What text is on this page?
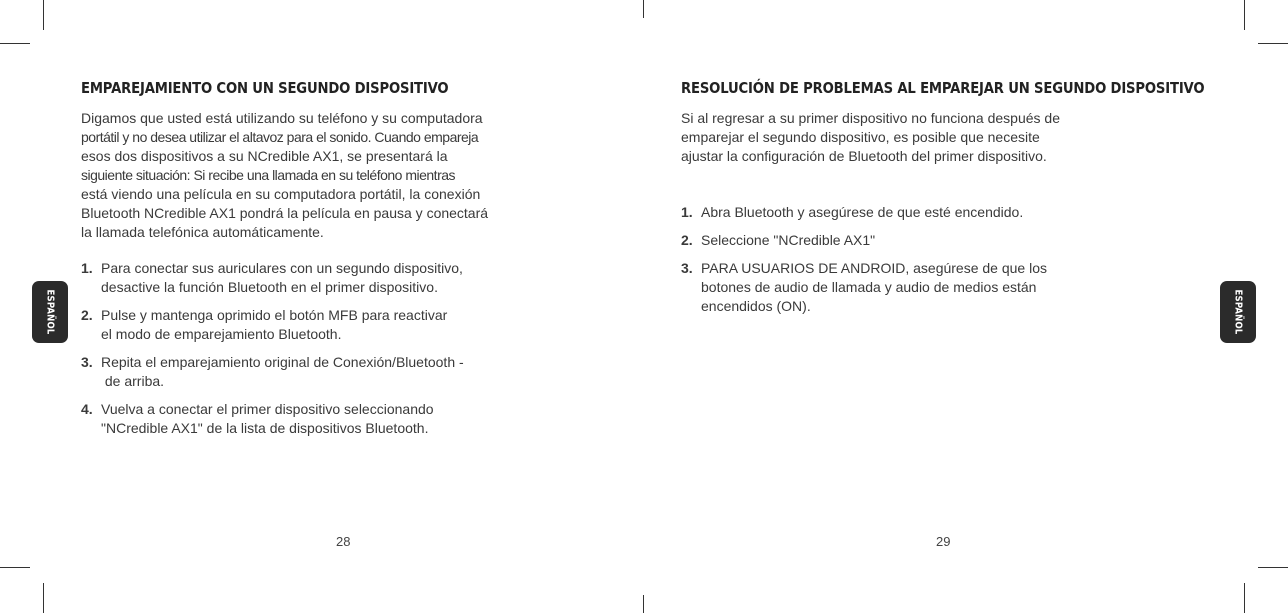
ESPAÑOL	ESPAÑOL
EMPAREJAMIENTO CON UN SEGUNDO DISPOSITIVO
Digamos que usted está utilizando su teléfono y su computadora
portátil y no desea utilizar el altavoz para el sonido. Cuando empareja
esos dos dispositivos a su NCredible AX1, se presentará la
siguiente situación: Si recibe una llamada en su teléfono mientras
está viendo una película en su computadora portátil, la conexión
Bluetooth NCredible AX1 pondrá la película en pausa y conectará
la llamada telefónica automáticamente.
1. Para conectar sus auriculares con un segundo dispositivo,
desactive la función Bluetooth en el primer dispositivo.
2. Pulse y mantenga oprimido el botón MFB para reactivar
el modo de emparejamiento Bluetooth.
3. Repita el emparejamiento original de Conexión/Bluetooth -
de arriba.
4. Vuelva a conectar el primer dispositivo seleccionando
"NCredible AX1" de la lista de dispositivos Bluetooth.
28
RESOLUCIÓN DE PROBLEMAS AL EMPAREJAR UN SEGUNDO DISPOSITIVO
Si al regresar a su primer dispositivo no funciona después de
emparejar el segundo dispositivo, es posible que necesite
ajustar la configuración de Bluetooth del primer dispositivo.
1. Abra Bluetooth y asegúrese de que esté encendido.
2. Seleccione "NCredible AX1"
3. PARA USUARIOS DE ANDROID, asegúrese de que los
botones de audio de llamada y audio de medios están
encendidos (ON).
29
